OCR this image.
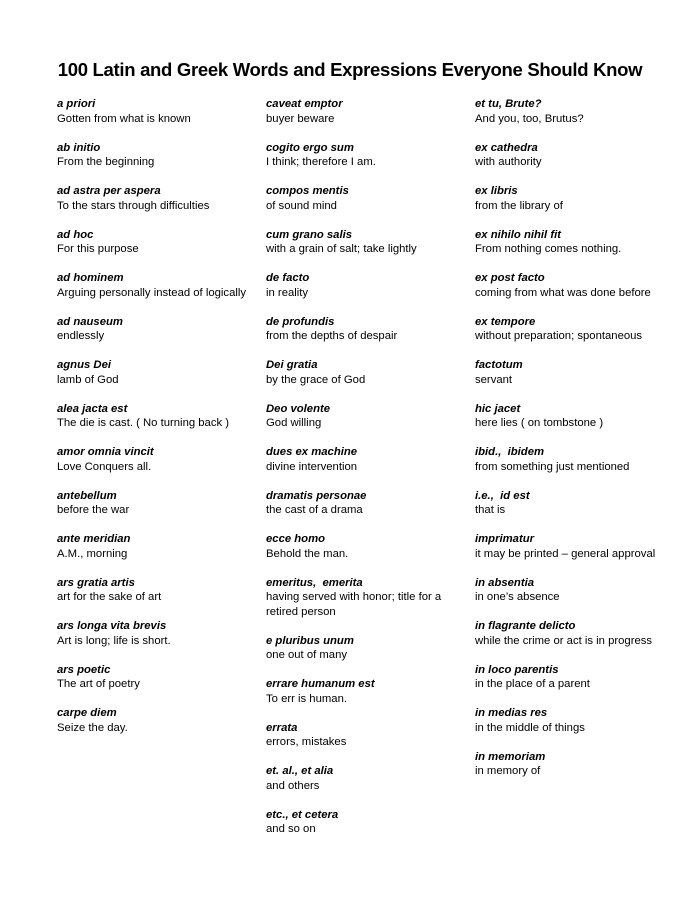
100 Latin and Greek Words and Expressions Everyone Should Know
a priori
Gotten from what is known
ab initio
From the beginning
ad astra per aspera
To the stars through difficulties
ad hoc
For this purpose
ad hominem
Arguing personally instead of logically
ad nauseum
endlessly
agnus Dei
lamb of God
alea jacta est
The die is cast. ( No turning back )
amor omnia vincit
Love Conquers all.
antebellum
before the war
ante meridian
A.M., morning
ars gratia artis
art for the sake of art
ars longa vita brevis
Art is long; life is short.
ars poetic
The art of poetry
carpe diem
Seize the day.
caveat emptor
buyer beware
cogito ergo sum
I think; therefore I am.
compos mentis
of sound mind
cum grano salis
with a grain of salt; take lightly
de facto
in reality
de profundis
from the depths of despair
Dei gratia
by the grace of God
Deo volente
God willing
dues ex machine
divine intervention
dramatis personae
the cast of a drama
ecce homo
Behold the man.
emeritus,  emerita
having served with honor; title for a retired person
e pluribus unum
one out of many
errare humanum est
To err is human.
errata
errors, mistakes
et. al., et alia
and others
etc., et cetera
and so on
et tu, Brute?
And you, too, Brutus?
ex cathedra
with authority
ex libris
from the library of
ex nihilo nihil fit
From nothing comes nothing.
ex post facto
coming from what was done before
ex tempore
without preparation; spontaneous
factotum
servant
hic jacet
here lies ( on tombstone )
ibid.,  ibidem
from something just mentioned
i.e.,  id est
that is
imprimatur
it may be printed – general approval
in absentia
in one’s absence
in flagrante delicto
while the crime or act is in progress
in loco parentis
in the place of a parent
in medias res
in the middle of things
in memoriam
in memory of
